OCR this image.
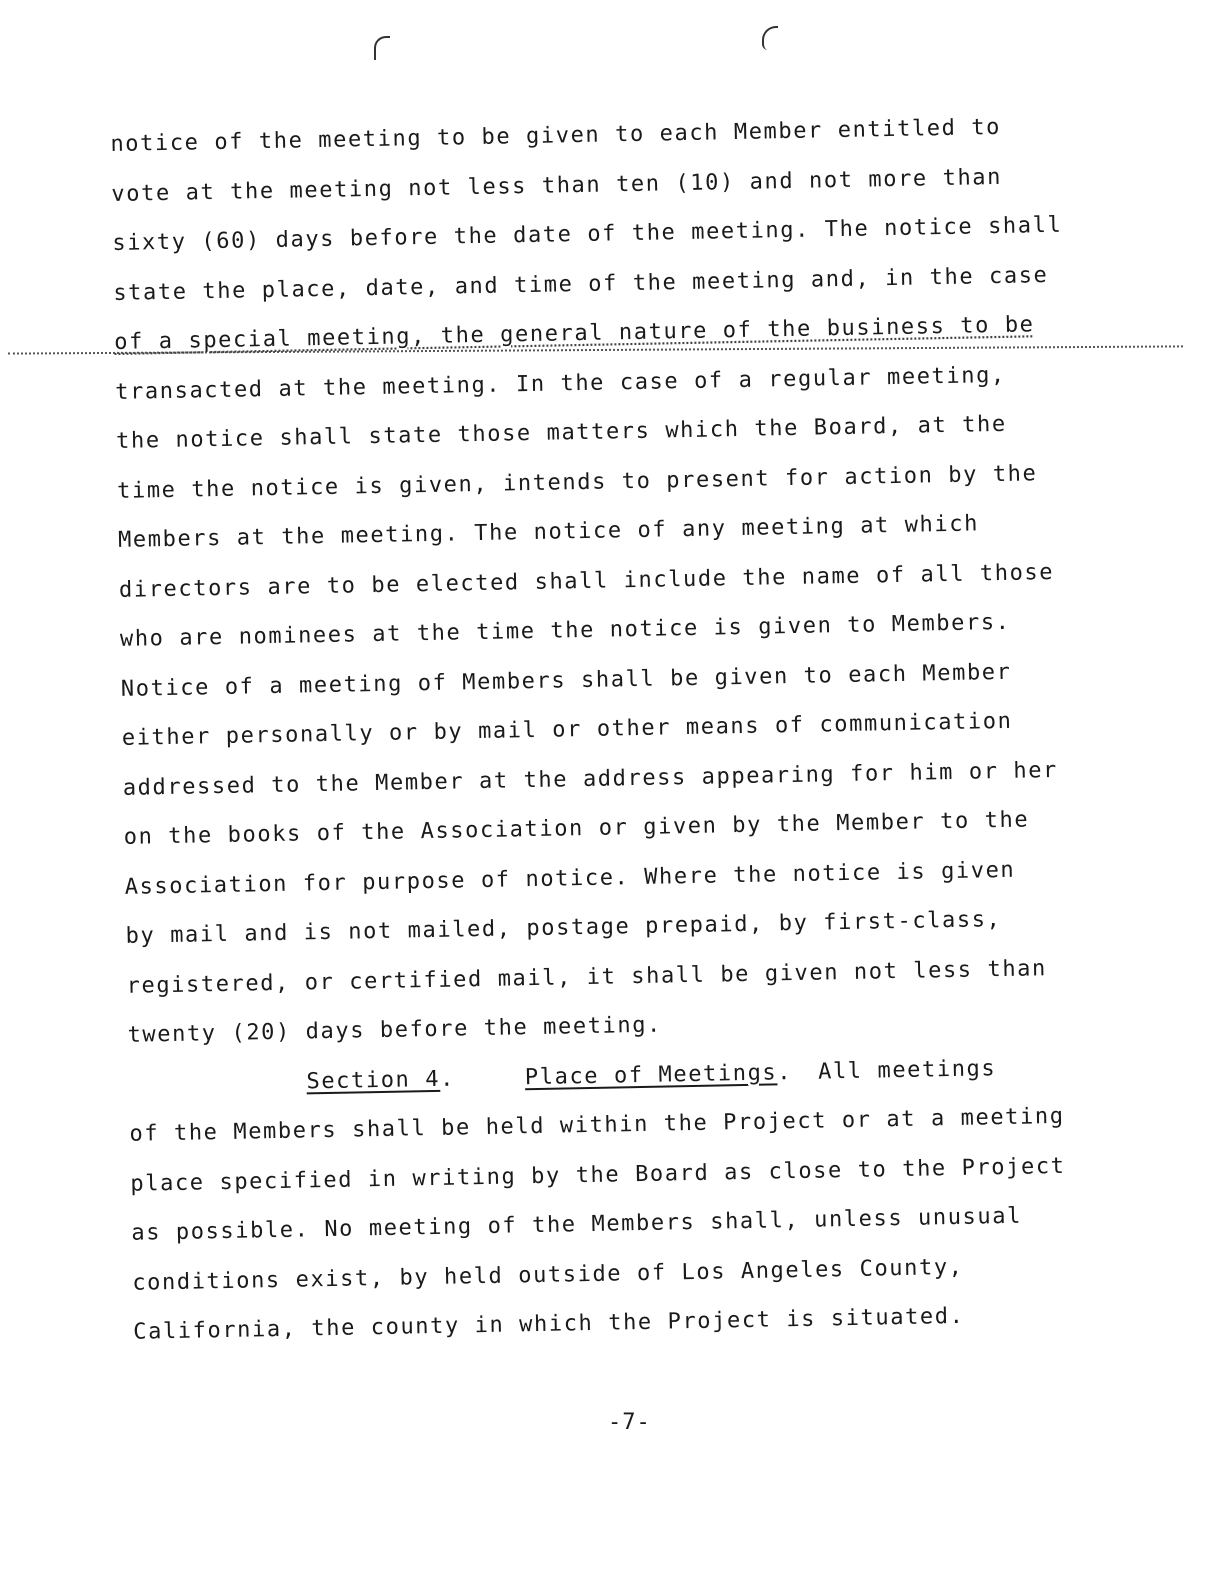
notice of the meeting to be given to each Member entitled to
vote at the meeting not less than ten (10) and not more than
sixty (60) days before the date of the meeting. The notice shall
state the place, date, and time of the meeting and, in the case
of a special meeting, the general nature of the business to be
transacted at the meeting. In the case of a regular meeting,
the notice shall state those matters which the Board, at the
time the notice is given, intends to present for action by the
Members at the meeting. The notice of any meeting at which
directors are to be elected shall include the name of all those
who are nominees at the time the notice is given to Members.
Notice of a meeting of Members shall be given to each Member
either personally or by mail or other means of communication
addressed to the Member at the address appearing for him or her
on the books of the Association or given by the Member to the
Association for purpose of notice. Where the notice is given
by mail and is not mailed, postage prepaid, by first-class,
registered, or certified mail, it shall be given not less than
twenty (20) days before the meeting.
Section 4.	Place of Meetings. All meetings
of the Members shall be held within the Project or at a meeting
place specified in writing by the Board as close to the Project
as possible. No meeting of the Members shall, unless unusual
conditions exist, by held outside of Los Angeles County,
California, the county in which the Project is situated.
-7-
